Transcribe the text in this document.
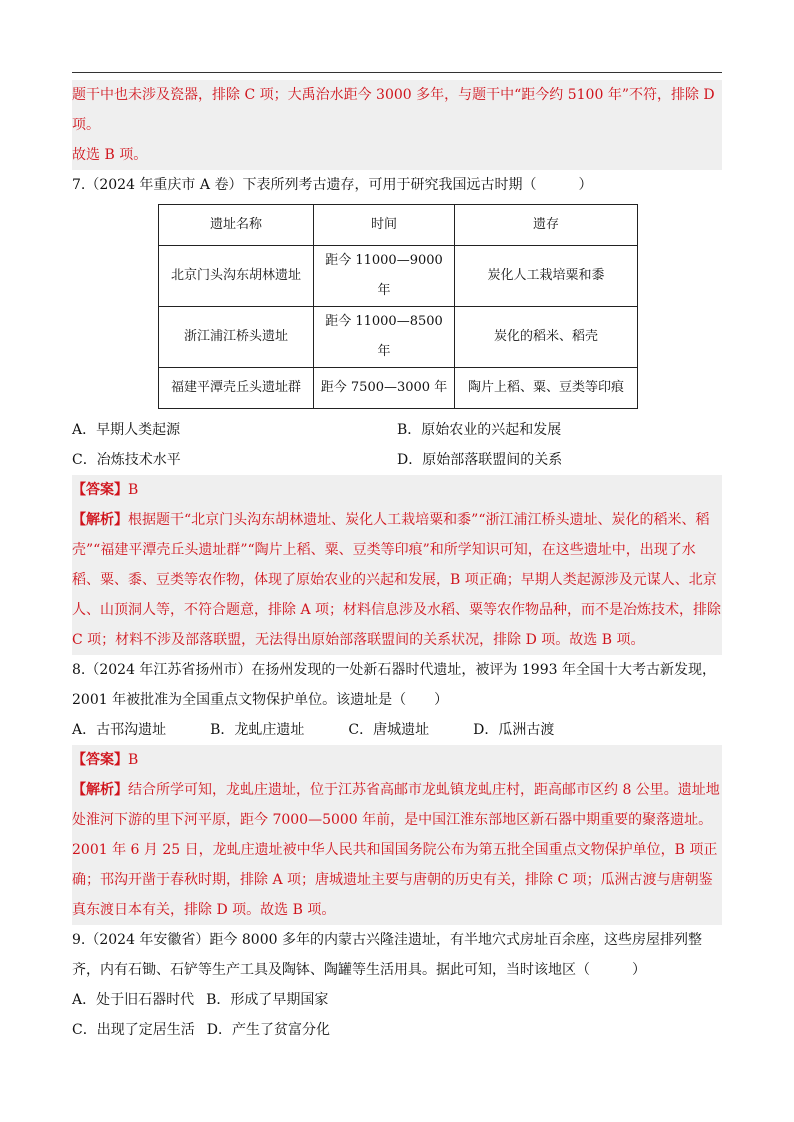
题干中也未涉及瓷器，排除 C 项；大禹治水距今 3000 多年，与题干中“距今约 5100 年”不符，排除 D 项。

故选 B 项。

7.（2024 年重庆市 A 卷）下表所列考古遗存，可用于研究我国远古时期（　　　）

遗址名称	时间	遗存
北京门头沟东胡林遗址	距今 11000—9000 年	炭化人工栽培粟和黍
浙江浦江桥头遗址	距今 11000—8500 年	炭化的稻米、稻壳
福建平潭壳丘头遗址群	距今 7500—3000 年	陶片上稻、粟、豆类等印痕
A．早期人类起源	B．原始农业的兴起和发展
C．冶炼技术水平	D．原始部落联盟间的关系

【答案】B

【解析】根据题干“北京门头沟东胡林遗址、炭化人工栽培粟和黍”“浙江浦江桥头遗址、炭化的稻米、稻壳”“福建平潭壳丘头遗址群”“陶片上稻、粟、豆类等印痕”和所学知识可知，在这些遗址中，出现了水稻、粟、黍、豆类等农作物，体现了原始农业的兴起和发展，B 项正确；早期人类起源涉及元谋人、北京人、山顶洞人等，不符合题意，排除 A 项；材料信息涉及水稻、粟等农作物品种，而不是冶炼技术，排除 C 项；材料不涉及部落联盟，无法得出原始部落联盟间的关系状况，排除 D 项。故选 B 项。

8.（2024 年江苏省扬州市）在扬州发现的一处新石器时代遗址，被评为 1993 年全国十大考古新发现，2001 年被批准为全国重点文物保护单位。该遗址是（　　）

A．古邗沟遗址	B．龙虬庄遗址	C．唐城遗址	D．瓜洲古渡

【答案】B

【解析】结合所学可知，龙虬庄遗址，位于江苏省高邮市龙虬镇龙虬庄村，距高邮市区约 8 公里。遗址地处淮河下游的里下河平原，距今 7000—5000 年前，是中国江淮东部地区新石器中期重要的聚落遗址。2001 年 6 月 25 日，龙虬庄遗址被中华人民共和国国务院公布为第五批全国重点文物保护单位，B 项正确；邗沟开凿于春秋时期，排除 A 项；唐城遗址主要与唐朝的历史有关，排除 C 项；瓜洲古渡与唐朝鉴真东渡日本有关，排除 D 项。故选 B 项。

9.（2024 年安徽省）距今 8000 多年的内蒙古兴隆洼遗址，有半地穴式房址百余座，这些房屋排列整齐，内有石锄、石铲等生产工具及陶钵、陶罐等生活用具。据此可知，当时该地区（　　　）

A．处于旧石器时代 B．形成了早期国家
C．出现了定居生活 D．产生了贫富分化
